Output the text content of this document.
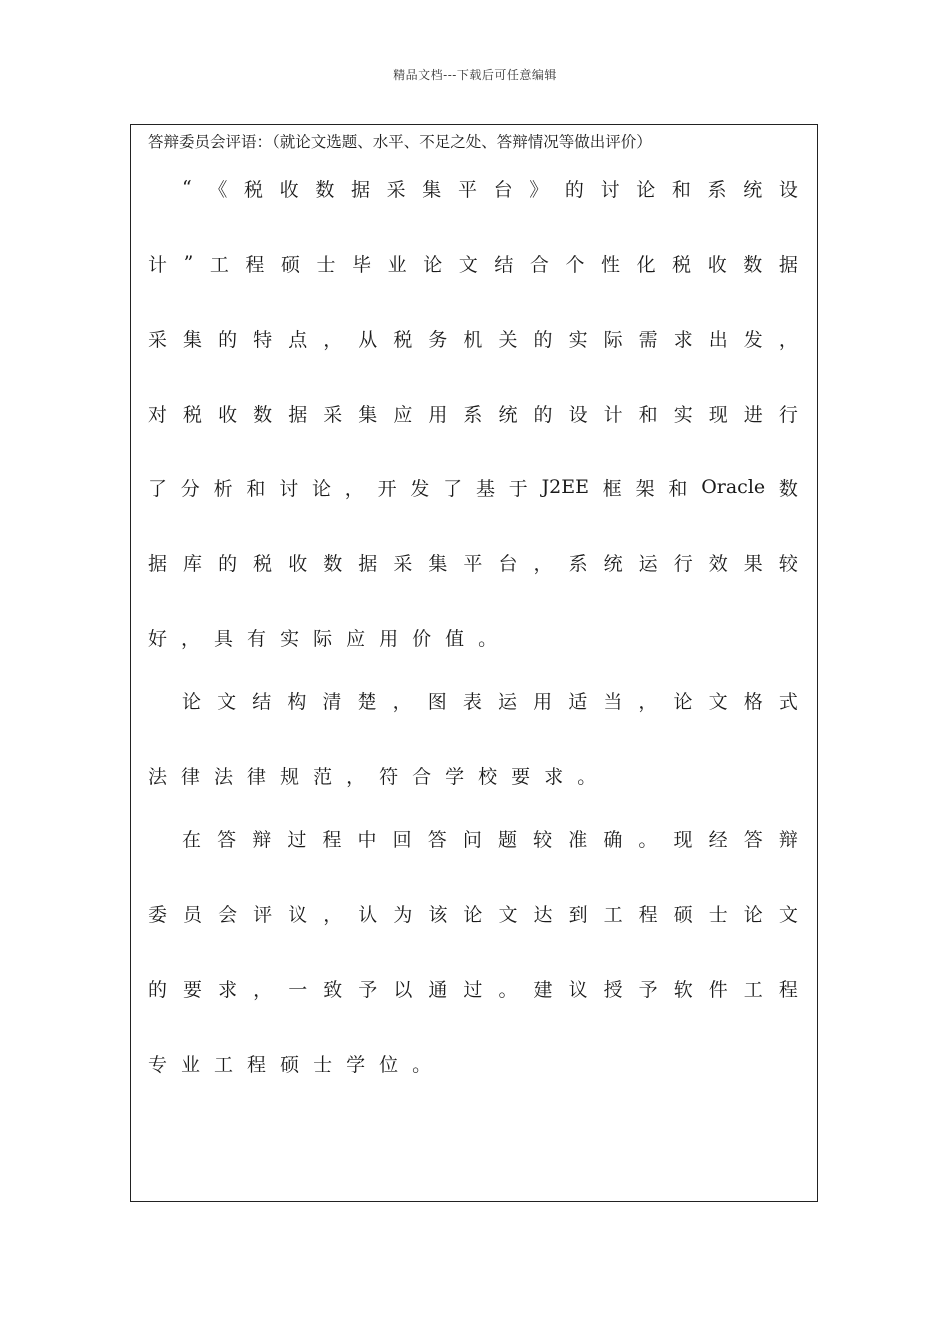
精品文档---下载后可任意编辑
答辩委员会评语：（就论文选题、水平、不足之处、答辩情况等做出评价）
“ 《 税 收 数 据 采 集 平 台 》 的 讨 论 和 系 统 设
计 ” 工 程 硕 士 毕 业 论 文 结 合 个 性 化 税 收 数 据
采 集 的 特 点 ， 从 税 务 机 关 的 实 际 需 求 出 发 ，
对 税 收 数 据 采 集 应 用 系 统 的 设 计 和 实 现 进 行
了 分 析 和 讨 论 ， 开 发 了 基 于 J2EE 框 架 和 Oracle 数
据 库 的 税 收 数 据 采 集 平 台 ， 系 统 运 行 效 果 较
好 ， 具 有 实 际 应 用 价 值 。
论 文 结 构 清 楚 ， 图 表 运 用 适 当 ， 论 文 格 式
法 律 法 律 规 范 ， 符 合 学 校 要 求 。
在 答 辩 过 程 中 回 答 问 题 较 准 确 。 现 经 答 辩
委 员 会 评 议 ， 认 为 该 论 文 达 到 工 程 硕 士 论 文
的 要 求 ， 一 致 予 以 通 过 。 建 议 授 予 软 件 工 程
专 业 工 程 硕 士 学 位 。
